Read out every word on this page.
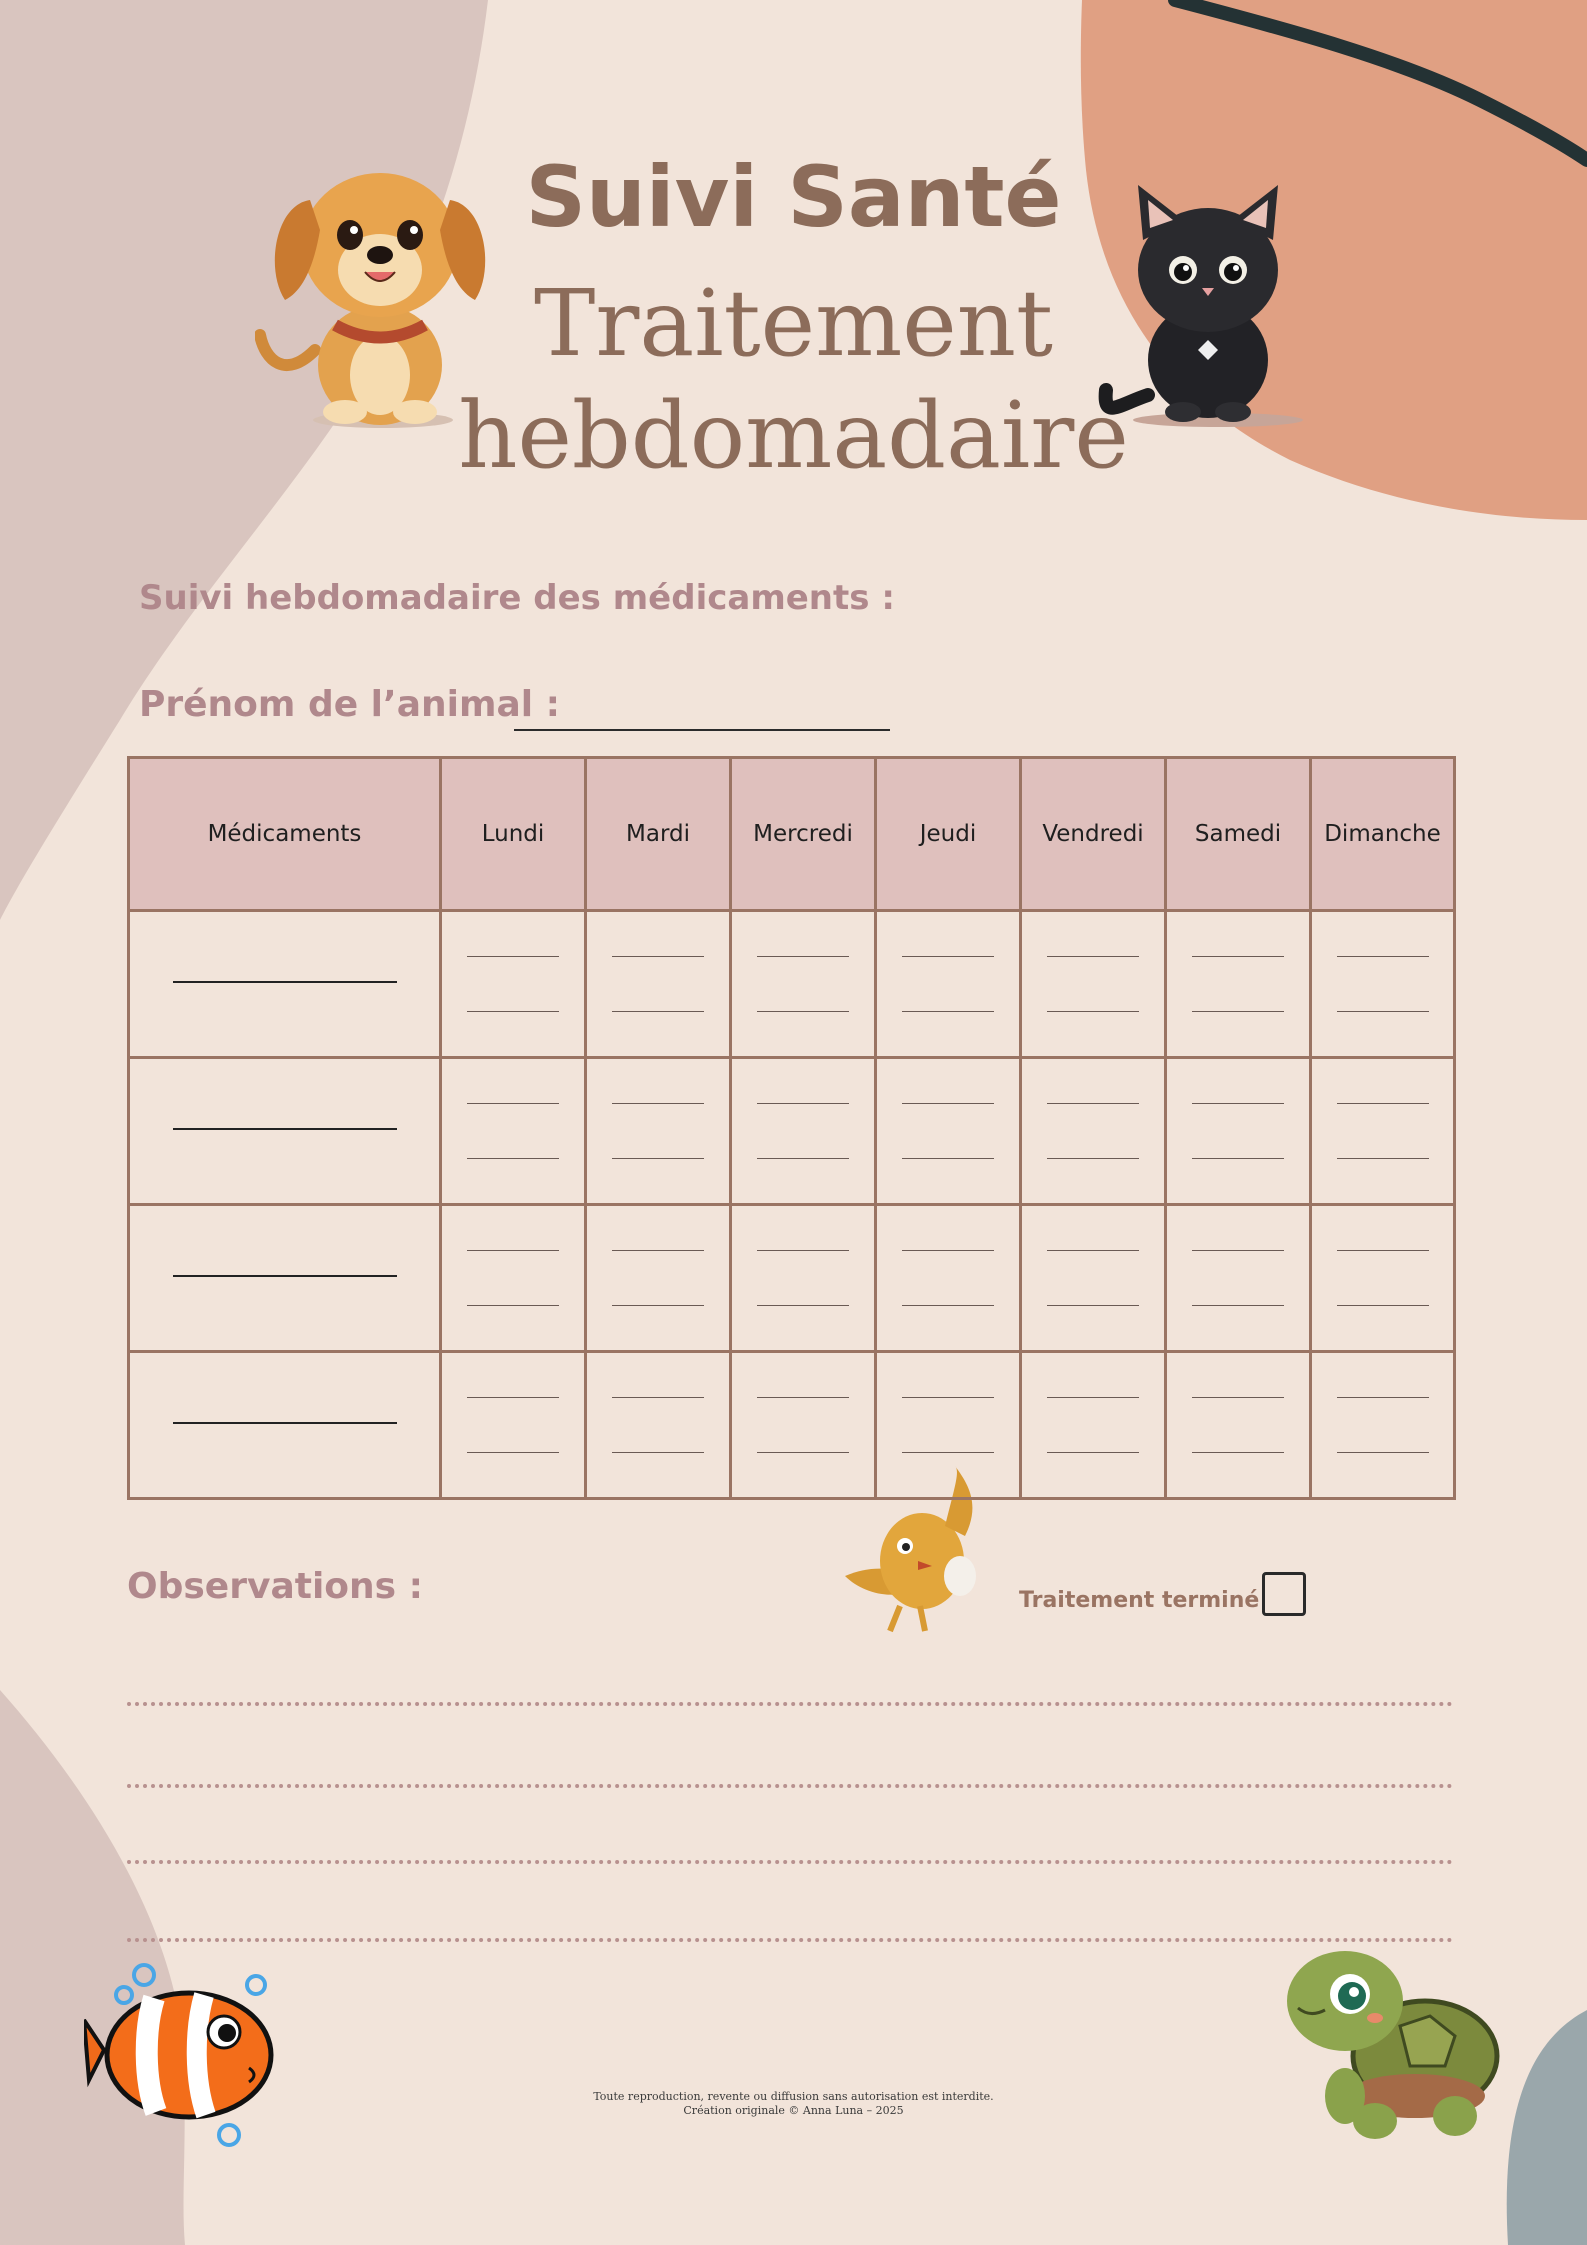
Suivi Santé
Traitement
hebdomadaire
Suivi hebdomadaire des médicaments :
Prénom de l’animal :
Médicaments	Lundi	Mardi	Mercredi	Jeudi	Vendredi	Samedi	Dimanche

Observations :	Traitement terminé
Toute reproduction, revente ou diffusion sans autorisation est interdite.
Création originale © Anna Luna – 2025
